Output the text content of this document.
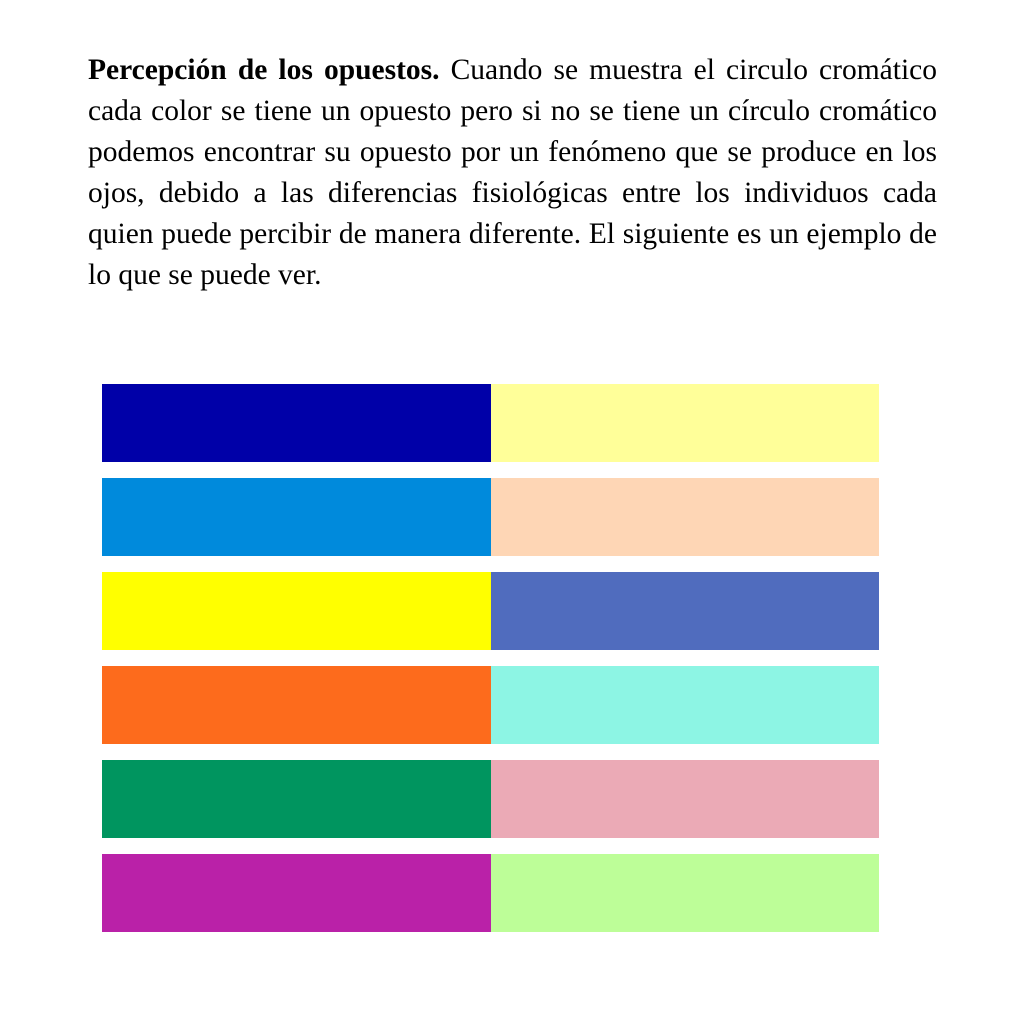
Percepción de los opuestos. Cuando se muestra el circulo cromático cada color se tiene un opuesto pero si no se tiene un círculo cromático podemos encontrar su opuesto por un fenómeno que se produce en los ojos, debido a las diferencias fisiológicas entre los individuos cada quien puede percibir de manera diferente. El siguiente es un ejemplo de lo que se puede ver.
